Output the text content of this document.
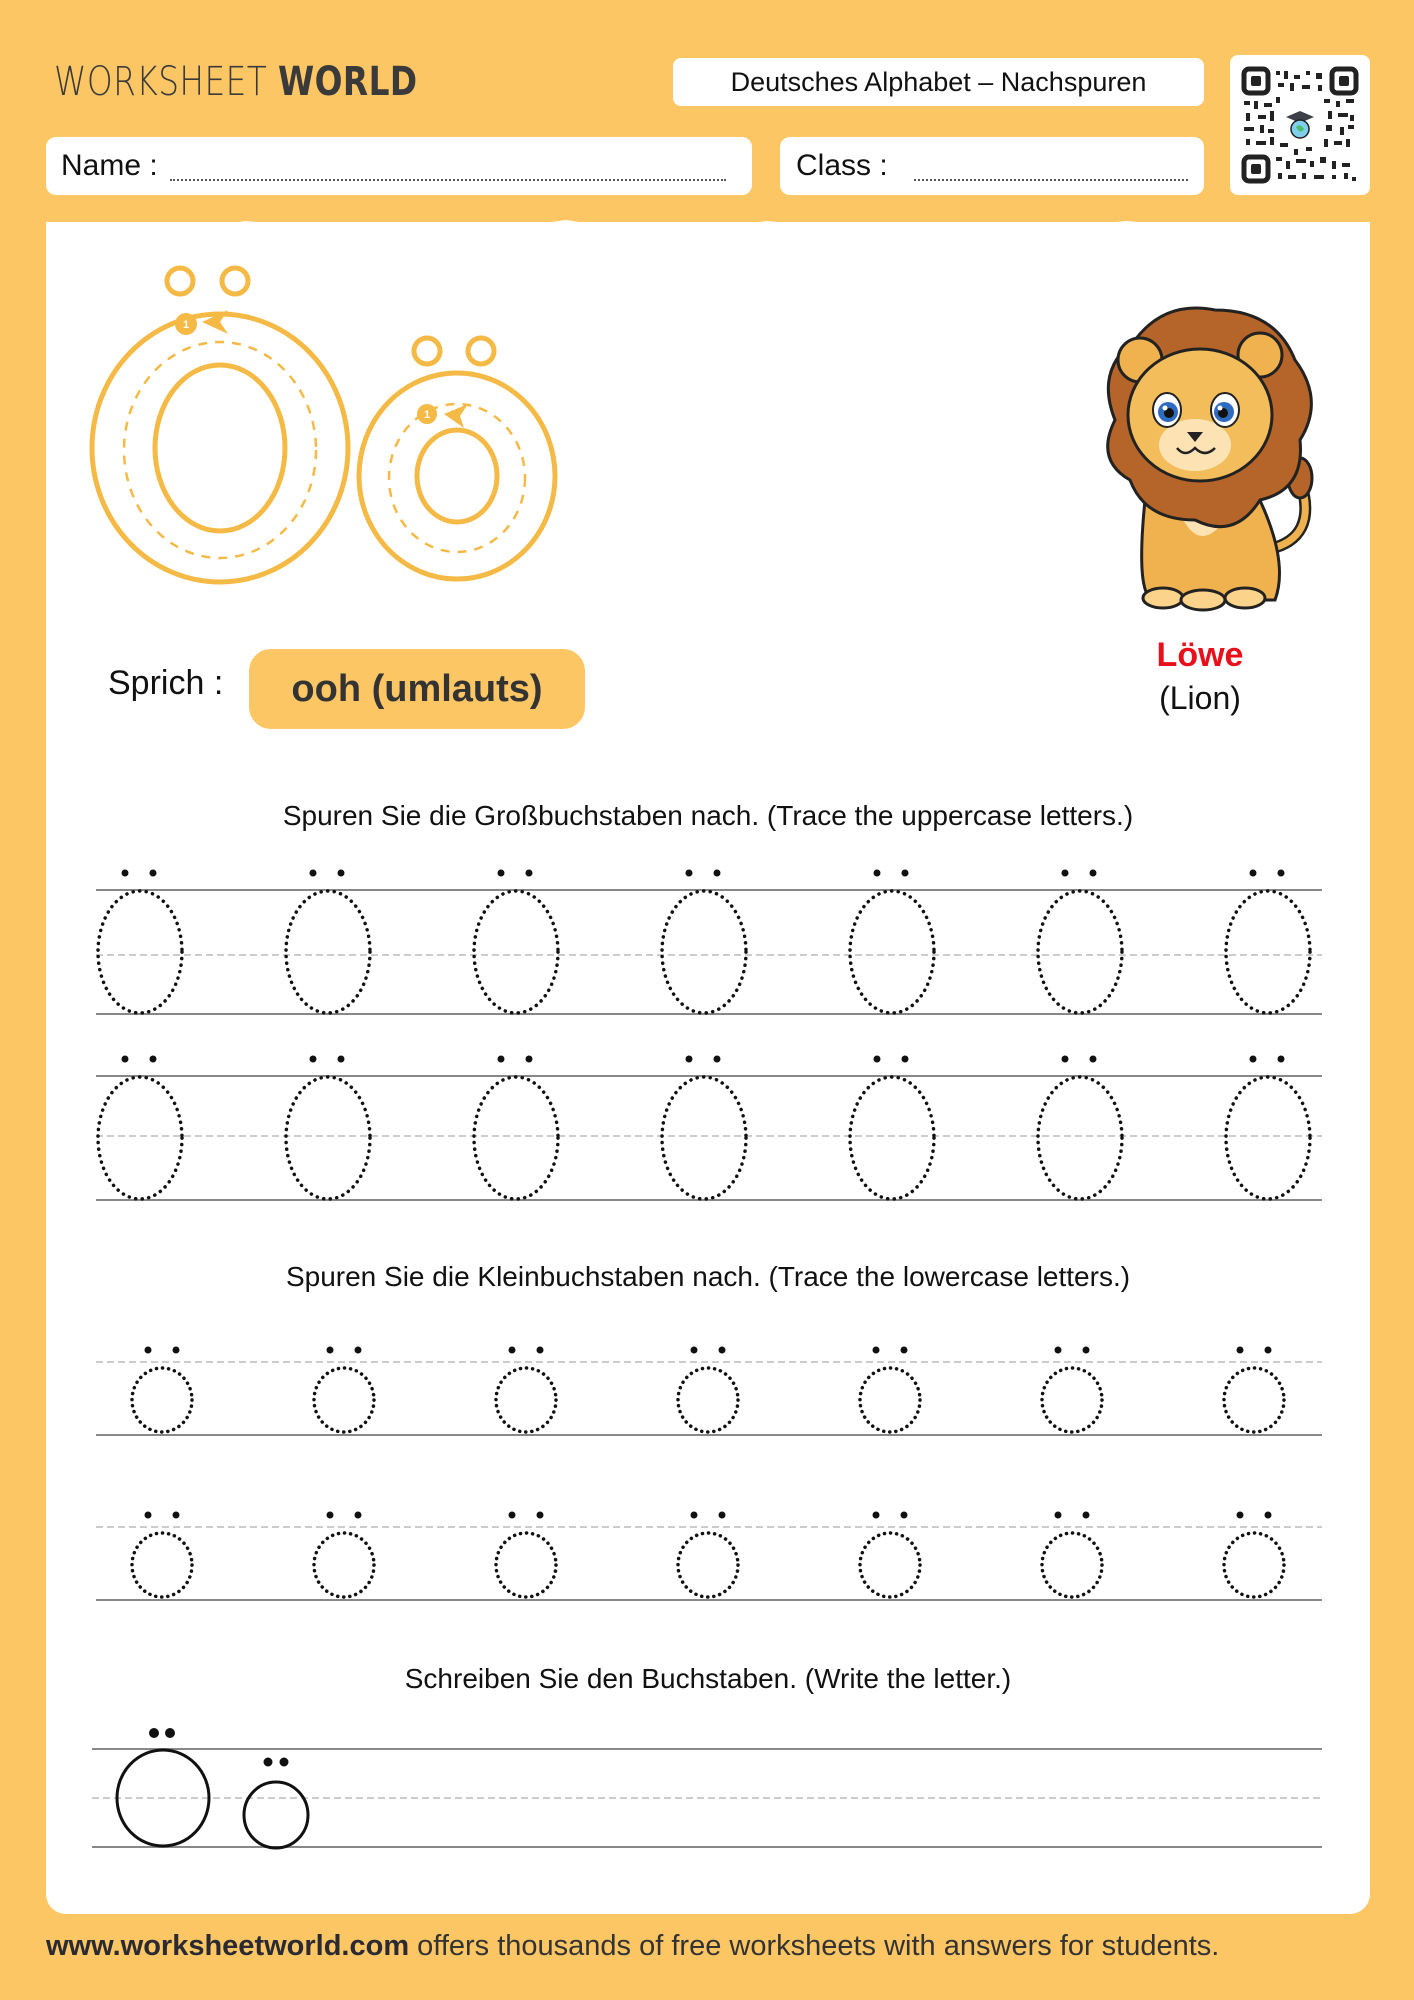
WORKSHEET WORLD	Deutsches Alphabet – Nachspuren
Name :	Class :
1
1
Sprich :	ooh (umlauts)
Löwe
(Lion)
Spuren Sie die Großbuchstaben nach. (Trace the uppercase letters.)
Spuren Sie die Kleinbuchstaben nach. (Trace the lowercase letters.)
Schreiben Sie den Buchstaben. (Write the letter.)
www.worksheetworld.com offers thousands of free worksheets with answers for students.
